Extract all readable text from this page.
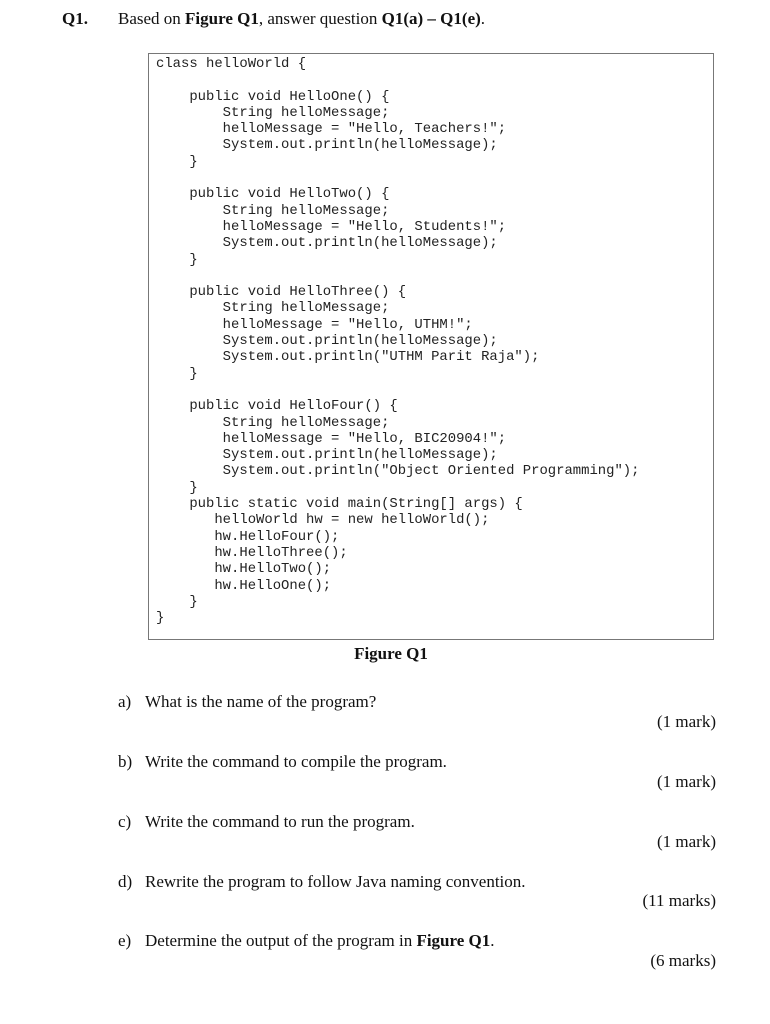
Q1. Based on Figure Q1, answer question Q1(a) – Q1(e).
class helloWorld {
public void HelloOne() {
String helloMessage;
helloMessage = "Hello, Teachers!";
System.out.println(helloMessage);
}
public void HelloTwo() {
String helloMessage;
helloMessage = "Hello, Students!";
System.out.println(helloMessage);
}
public void HelloThree() {
String helloMessage;
helloMessage = "Hello, UTHM!";
System.out.println(helloMessage);
System.out.println("UTHM Parit Raja");
}
public void HelloFour() {
String helloMessage;
helloMessage = "Hello, BIC20904!";
System.out.println(helloMessage);
System.out.println("Object Oriented Programming");
}
public static void main(String[] args) {
helloWorld hw = new helloWorld();
hw.HelloFour();
hw.HelloThree();
hw.HelloTwo();
hw.HelloOne();
}
}
Figure Q1
a) What is the name of the program?
(1 mark)
b) Write the command to compile the program.
(1 mark)
c) Write the command to run the program.
(1 mark)
d) Rewrite the program to follow Java naming convention.
(11 marks)
e) Determine the output of the program in Figure Q1.
(6 marks)
